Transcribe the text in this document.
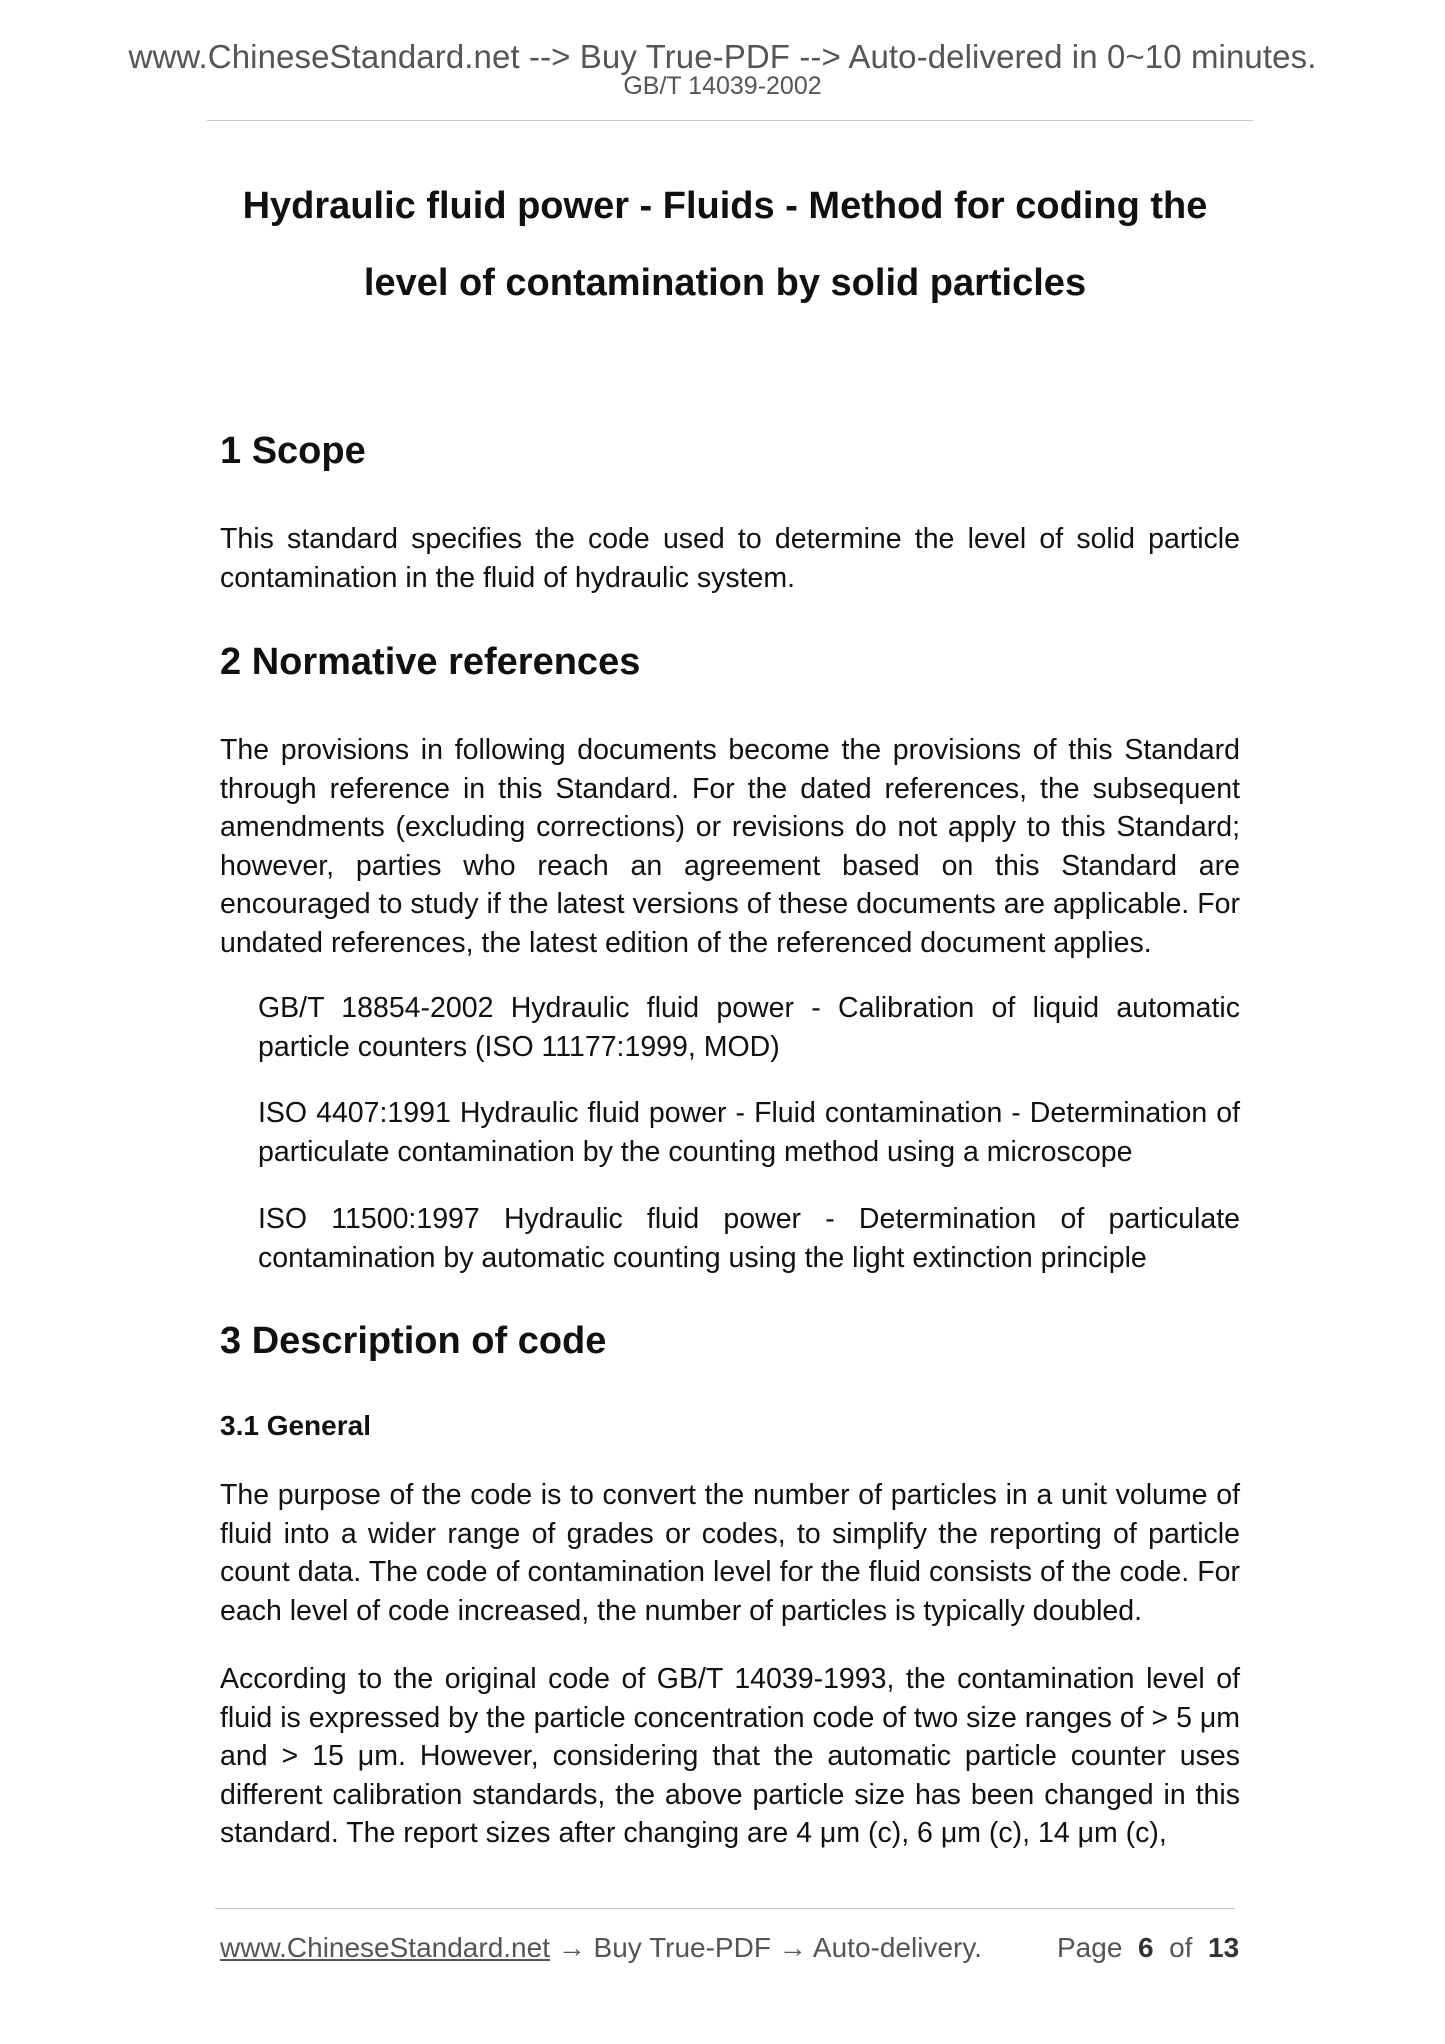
www.ChineseStandard.net --> Buy True-PDF --> Auto-delivered in 0~10 minutes.
GB/T 14039-2002
Hydraulic fluid power - Fluids - Method for coding the
level of contamination by solid particles
1 Scope

This standard specifies the code used to determine the level of solid particle contamination in the fluid of hydraulic system.

2 Normative references

The provisions in following documents become the provisions of this Standard through reference in this Standard. For the dated references, the subsequent amendments (excluding corrections) or revisions do not apply to this Standard; however, parties who reach an agreement based on this Standard are encouraged to study if the latest versions of these documents are applicable. For undated references, the latest edition of the referenced document applies.

GB/T 18854-2002 Hydraulic fluid power - Calibration of liquid automatic particle counters (ISO 11177:1999, MOD)

ISO 4407:1991 Hydraulic fluid power - Fluid contamination - Determination of particulate contamination by the counting method using a microscope

ISO 11500:1997 Hydraulic fluid power - Determination of particulate contamination by automatic counting using the light extinction principle

3 Description of code
3.1 General

The purpose of the code is to convert the number of particles in a unit volume of fluid into a wider range of grades or codes, to simplify the reporting of particle count data. The code of contamination level for the fluid consists of the code. For each level of code increased, the number of particles is typically doubled.

According to the original code of GB/T 14039-1993, the contamination level of fluid is expressed by the particle concentration code of two size ranges of > 5 μm and > 15 μm. However, considering that the automatic particle counter uses different calibration standards, the above particle size has been changed in this standard. The report sizes after changing are 4 μm (c), 6 μm (c), 14 μm (c),

www.ChineseStandard.net → Buy True-PDF → Auto-delivery.	Page 6 of 13
